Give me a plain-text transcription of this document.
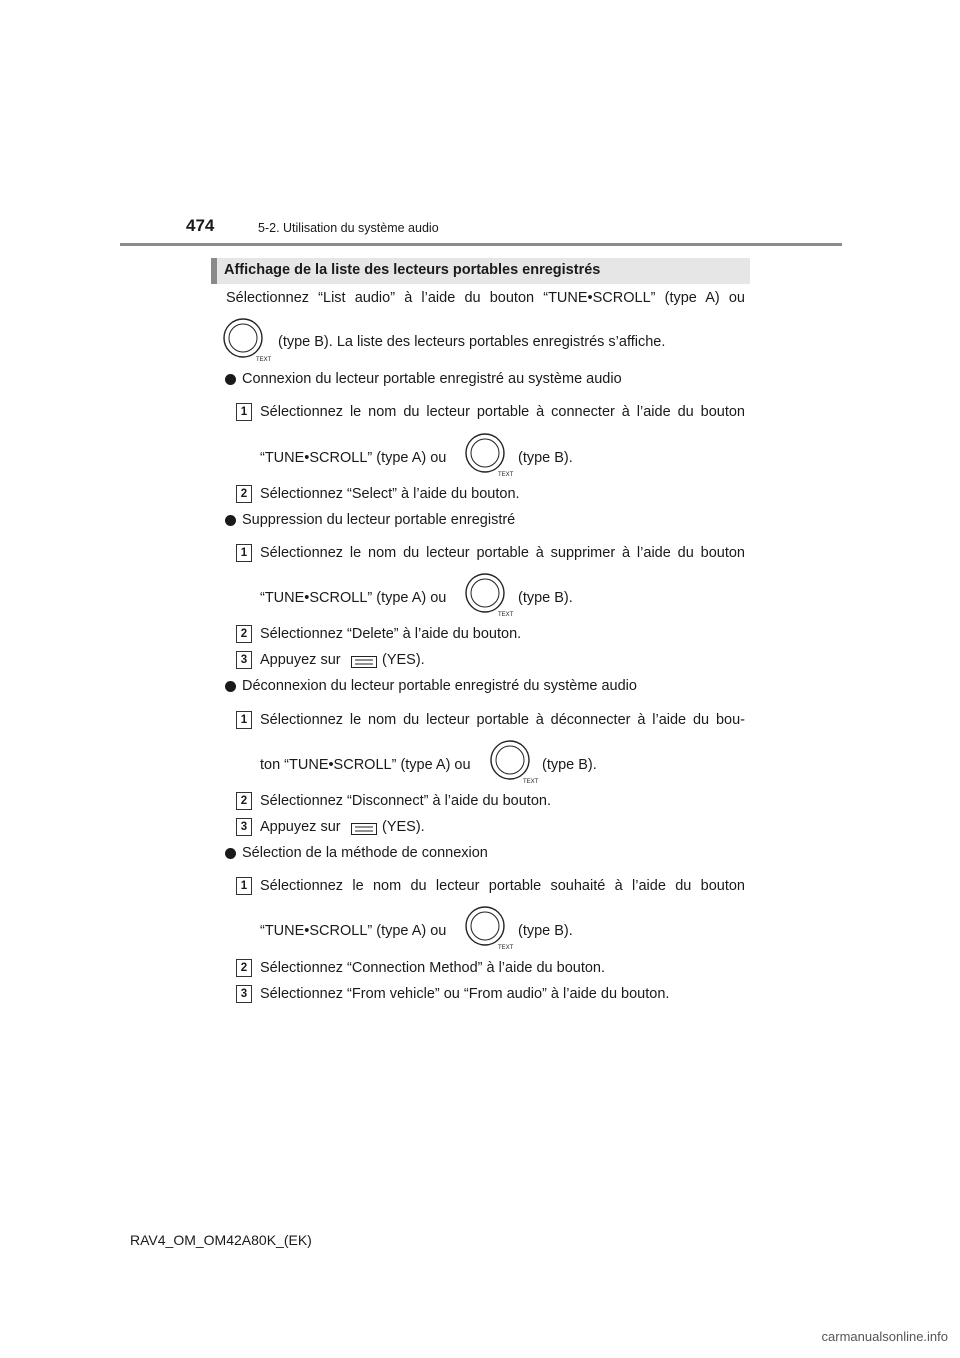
474	5-2. Utilisation du système audio
Affichage de la liste des lecteurs portables enregistrés
Sélectionnez “List audio” à l’aide du bouton “TUNE•SCROLL” (type A) ou
TEXT
(type B). La liste des lecteurs portables enregistrés s’affiche.
Connexion du lecteur portable enregistré au système audio
1 Sélectionnez le nom du lecteur portable à connecter à l’aide du bouton
“TUNE•SCROLL” (type A) ou
TEXT
(type B).
2 Sélectionnez “Select” à l’aide du bouton.
Suppression du lecteur portable enregistré
1 Sélectionnez le nom du lecteur portable à supprimer à l’aide du bouton
“TUNE•SCROLL” (type A) ou
TEXT
(type B).
2 Sélectionnez “Delete” à l’aide du bouton.
3 Appuyez sur	(YES).
Déconnexion du lecteur portable enregistré du système audio
1 Sélectionnez le nom du lecteur portable à déconnecter à l’aide du bou-
ton “TUNE•SCROLL” (type A) ou
TEXT
(type B).
2 Sélectionnez “Disconnect” à l’aide du bouton.
3 Appuyez sur	(YES).
Sélection de la méthode de connexion
1 Sélectionnez le nom du lecteur portable souhaité à l’aide du bouton
“TUNE•SCROLL” (type A) ou
TEXT
(type B).
2 Sélectionnez “Connection Method” à l’aide du bouton.
3 Sélectionnez “From vehicle” ou “From audio” à l’aide du bouton.
RAV4_OM_OM42A80K_(EK)
carmanualsonline.info
